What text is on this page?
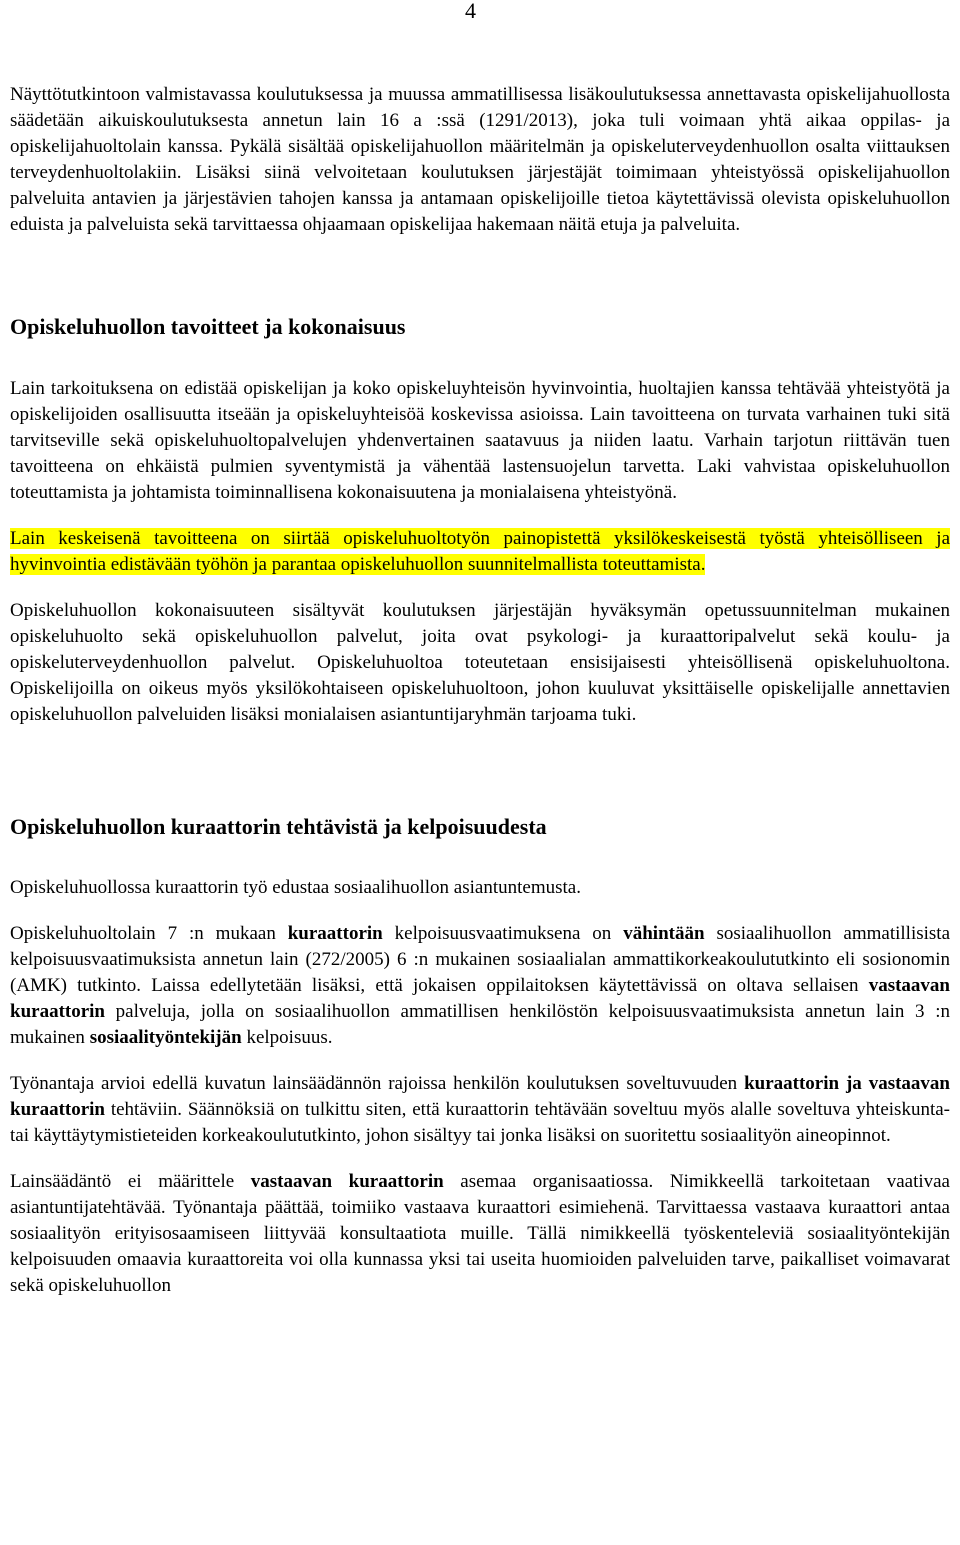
4

Näyttötutkintoon valmistavassa koulutuksessa ja muussa ammatillisessa lisäkoulutuksessa annettavasta opiskelijahuollosta säädetään aikuiskoulutuksesta annetun lain 16 a :ssä (1291/2013), joka tuli voimaan yhtä aikaa oppilas- ja opiskelijahuoltolain kanssa. Pykälä sisältää opiskelijahuollon määritelmän ja opiskeluterveydenhuollon osalta viittauksen terveydenhuoltolakiin. Lisäksi siinä velvoitetaan koulutuksen järjestäjät toimimaan yhteistyössä opiskelijahuollon palveluita antavien ja järjestävien tahojen kanssa ja antamaan opiskelijoille tietoa käytettävissä olevista opiskeluhuollon eduista ja palveluista sekä tarvittaessa ohjaamaan opiskelijaa hakemaan näitä etuja ja palveluita.

Opiskeluhuollon tavoitteet ja kokonaisuus

Lain tarkoituksena on edistää opiskelijan ja koko opiskeluyhteisön hyvinvointia, huoltajien kanssa tehtävää yhteistyötä ja opiskelijoiden osallisuutta itseään ja opiskeluyhteisöä koskevissa asioissa. Lain tavoitteena on turvata varhainen tuki sitä tarvitseville sekä opiskeluhuoltopalvelujen yhdenvertainen saatavuus ja niiden laatu. Varhain tarjotun riittävän tuen tavoitteena on ehkäistä pulmien syventymistä ja vähentää lastensuojelun tarvetta. Laki vahvistaa opiskeluhuollon toteuttamista ja johtamista toiminnallisena kokonaisuutena ja monialaisena yhteistyönä.

Lain keskeisenä tavoitteena on siirtää opiskeluhuoltotyön painopistettä yksilökeskeisestä työstä yhteisölliseen ja hyvinvointia edistävään työhön ja parantaa opiskeluhuollon suunnitelmallista toteuttamista.

Opiskeluhuollon kokonaisuuteen sisältyvät koulutuksen järjestäjän hyväksymän opetussuunnitelman mukainen opiskeluhuolto sekä opiskeluhuollon palvelut, joita ovat psykologi- ja kuraattoripalvelut sekä koulu- ja opiskeluterveydenhuollon palvelut. Opiskeluhuoltoa toteutetaan ensisijaisesti yhteisöllisenä opiskeluhuoltona. Opiskelijoilla on oikeus myös yksilökohtaiseen opiskeluhuoltoon, johon kuuluvat yksittäiselle opiskelijalle annettavien opiskeluhuollon palveluiden lisäksi monialaisen asiantuntijaryhmän tarjoama tuki.

Opiskeluhuollon kuraattorin tehtävistä ja kelpoisuudesta

Opiskeluhuollossa kuraattorin työ edustaa sosiaalihuollon asiantuntemusta.

Opiskeluhuoltolain 7 :n mukaan kuraattorin kelpoisuusvaatimuksena on vähintään sosiaalihuollon ammatillisista kelpoisuusvaatimuksista annetun lain (272/2005) 6 :n mukainen sosiaalialan ammattikorkeakoulututkinto eli sosionomin (AMK) tutkinto. Laissa edellytetään lisäksi, että jokaisen oppilaitoksen käytettävissä on oltava sellaisen vastaavan kuraattorin palveluja, jolla on sosiaalihuollon ammatillisen henkilöstön kelpoisuusvaatimuksista annetun lain 3 :n mukainen sosiaalityöntekijän kelpoisuus.

Työnantaja arvioi edellä kuvatun lainsäädännön rajoissa henkilön koulutuksen soveltuvuuden kuraattorin ja vastaavan kuraattorin tehtäviin. Säännöksiä on tulkittu siten, että kuraattorin tehtävään soveltuu myös alalle soveltuva yhteiskunta- tai käyttäytymistieteiden korkeakoulututkinto, johon sisältyy tai jonka lisäksi on suoritettu sosiaalityön aineopinnot.

Lainsäädäntö ei määrittele vastaavan kuraattorin asemaa organisaatiossa. Nimikkeellä tarkoitetaan vaativaa asiantuntijatehtävää. Työnantaja päättää, toimiiko vastaava kuraattori esimiehenä. Tarvittaessa vastaava kuraattori antaa sosiaalityön erityisosaamiseen liittyvää konsultaatiota muille. Tällä nimikkeellä työskenteleviä sosiaalityöntekijän kelpoisuuden omaavia kuraattoreita voi olla kunnassa yksi tai useita huomioiden palveluiden tarve, paikalliset voimavarat sekä opiskeluhuollon
